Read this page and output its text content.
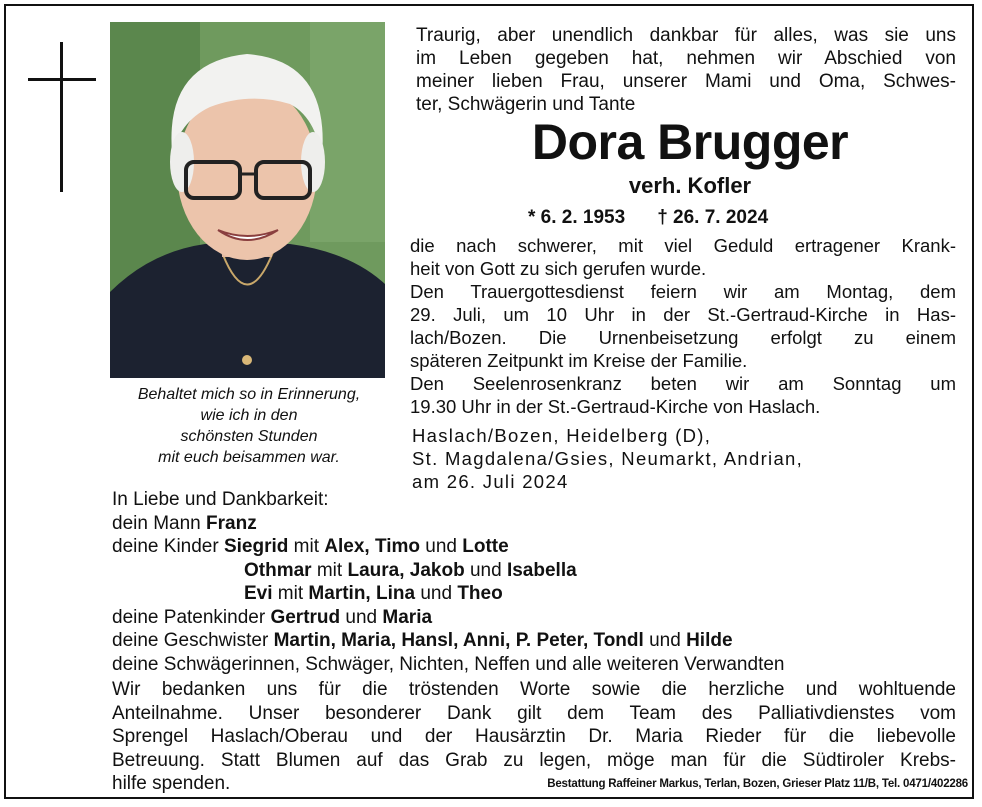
Behaltet mich so in Erinnerung,
wie ich in den
schönsten Stunden
mit euch beisammen war.
Traurig, aber unendlich dankbar für alles, was sie uns
im Leben gegeben hat, nehmen wir Abschied von
meiner lieben Frau, unserer Mami und Oma, Schwes-
ter, Schwägerin und Tante
Dora Brugger
verh. Kofler
* 6. 2. 1953 † 26. 7. 2024
die nach schwerer, mit viel Geduld ertragener Krank-
heit von Gott zu sich gerufen wurde.
Den Trauergottesdienst feiern wir am Montag, dem
29. Juli, um 10 Uhr in der St.-Gertraud-Kirche in Has-
lach/Bozen. Die Urnenbeisetzung erfolgt zu einem
späteren Zeitpunkt im Kreise der Familie.
Den Seelenrosenkranz beten wir am Sonntag um
19.30 Uhr in der St.-Gertraud-Kirche von Haslach.
Haslach/Bozen, Heidelberg (D),
St. Magdalena/Gsies, Neumarkt, Andrian,
am 26. Juli 2024
In Liebe und Dankbarkeit:
dein Mann Franz
deine Kinder Siegrid mit Alex, Timo und Lotte
Othmar mit Laura, Jakob und Isabella
Evi mit Martin, Lina und Theo
deine Patenkinder Gertrud und Maria
deine Geschwister Martin, Maria, Hansl, Anni, P. Peter, Tondl und Hilde
deine Schwägerinnen, Schwäger, Nichten, Neffen und alle weiteren Verwandten
Wir bedanken uns für die tröstenden Worte sowie die herzliche und wohltuende
Anteilnahme. Unser besonderer Dank gilt dem Team des Palliativdienstes vom
Sprengel Haslach/Oberau und der Hausärztin Dr. Maria Rieder für die liebevolle
Betreuung. Statt Blumen auf das Grab zu legen, möge man für die Südtiroler Krebs-
hilfe spenden.	Bestattung Raffeiner Markus, Terlan, Bozen, Grieser Platz 11/B, Tel. 0471/402286
